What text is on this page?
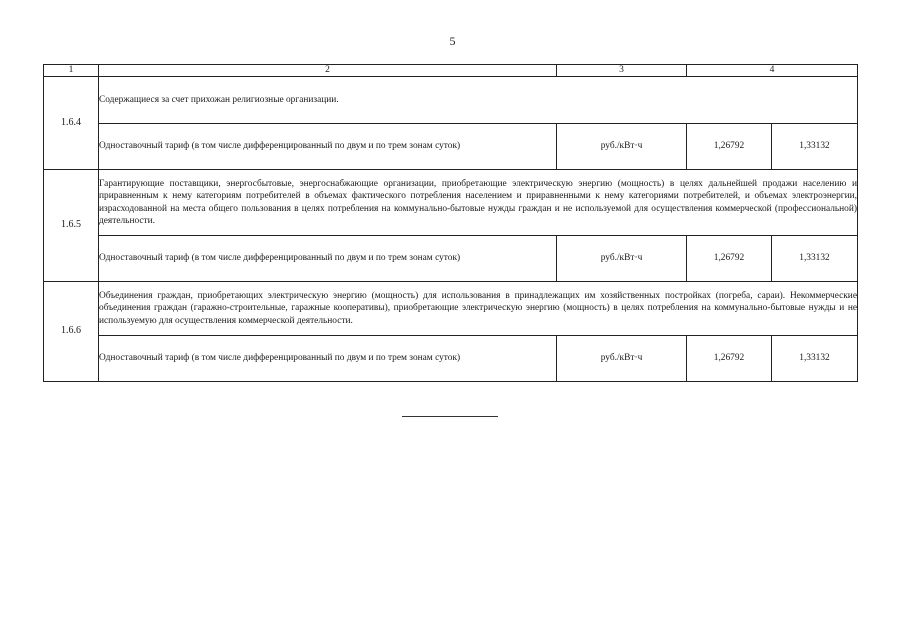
5
1	2	3	4	
1.6.4	Содержащиеся за счет прихожан религиозные организации.			
	Одноставочный тариф (в том числе дифференцированный по двум и по трем зонам суток)	руб./кВт·ч	1,26792	1,33132
1.6.5	Гарантирующие поставщики, энергосбытовые, энергоснабжающие организации, приобретающие электрическую энергию (мощность) в целях дальнейшей продажи населению и приравненным к нему категориям потребителей в объемах фактического потребления населением и приравненными к нему категориями потребителей, и объемах электроэнергии, израсходованной на места общего пользования в целях потребления на коммунально-бытовые нужды граждан и не используемой для осуществления коммерческой (профессиональной) деятельности.			
	Одноставочный тариф (в том числе дифференцированный по двум и по трем зонам суток)	руб./кВт·ч	1,26792	1,33132
1.6.6	Объединения граждан, приобретающих электрическую энергию (мощность) для использования в принадлежащих им хозяйственных постройках (погреба, сараи). Некоммерческие объединения граждан (гаражно-строительные, гаражные кооперативы), приобретающие электрическую энергию (мощность) в целях потребления на коммунально-бытовые нужды и не используемую для осуществления коммерческой деятельности.			
	Одноставочный тариф (в том числе дифференцированный по двум и по трем зонам суток)	руб./кВт·ч	1,26792	1,33132
